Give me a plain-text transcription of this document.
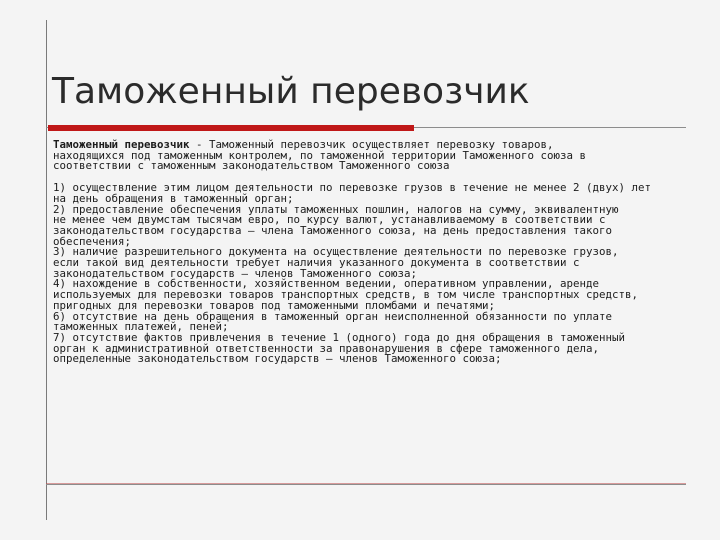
Таможенный перевозчик

Таможенный перевозчик - Таможенный перевозчик осуществляет перевозку товаров,
находящихся под таможенным контролем, по таможенной территории Таможенного союза в
соответствии с таможенным законодательством Таможенного союза

1) осуществление этим лицом деятельности по перевозке грузов в течение не менее 2 (двух) лет
на день обращения в таможенный орган;

2) предоставление обеспечения уплаты таможенных пошлин, налогов на сумму, эквивалентную
не менее чем двумстам тысячам евро, по курсу валют, устанавливаемому в соответствии с
законодательством государства – члена Таможенного союза, на день предоставления такого
обеспечения;

3) наличие разрешительного документа на осуществление деятельности по перевозке грузов,
если такой вид деятельности требует наличия указанного документа в соответствии с
законодательством государств – членов Таможенного союза;

4) нахождение в собственности, хозяйственном ведении, оперативном управлении, аренде
используемых для перевозки товаров транспортных средств, в том числе транспортных средств,
пригодных для перевозки товаров под таможенными пломбами и печатями;

6) отсутствие на день обращения в таможенный орган неисполненной обязанности по уплате
таможенных платежей, пеней;

7) отсутствие фактов привлечения в течение 1 (одного) года до дня обращения в таможенный
орган к административной ответственности за правонарушения в сфере таможенного дела,
определенные законодательством государств – членов Таможенного союза;
